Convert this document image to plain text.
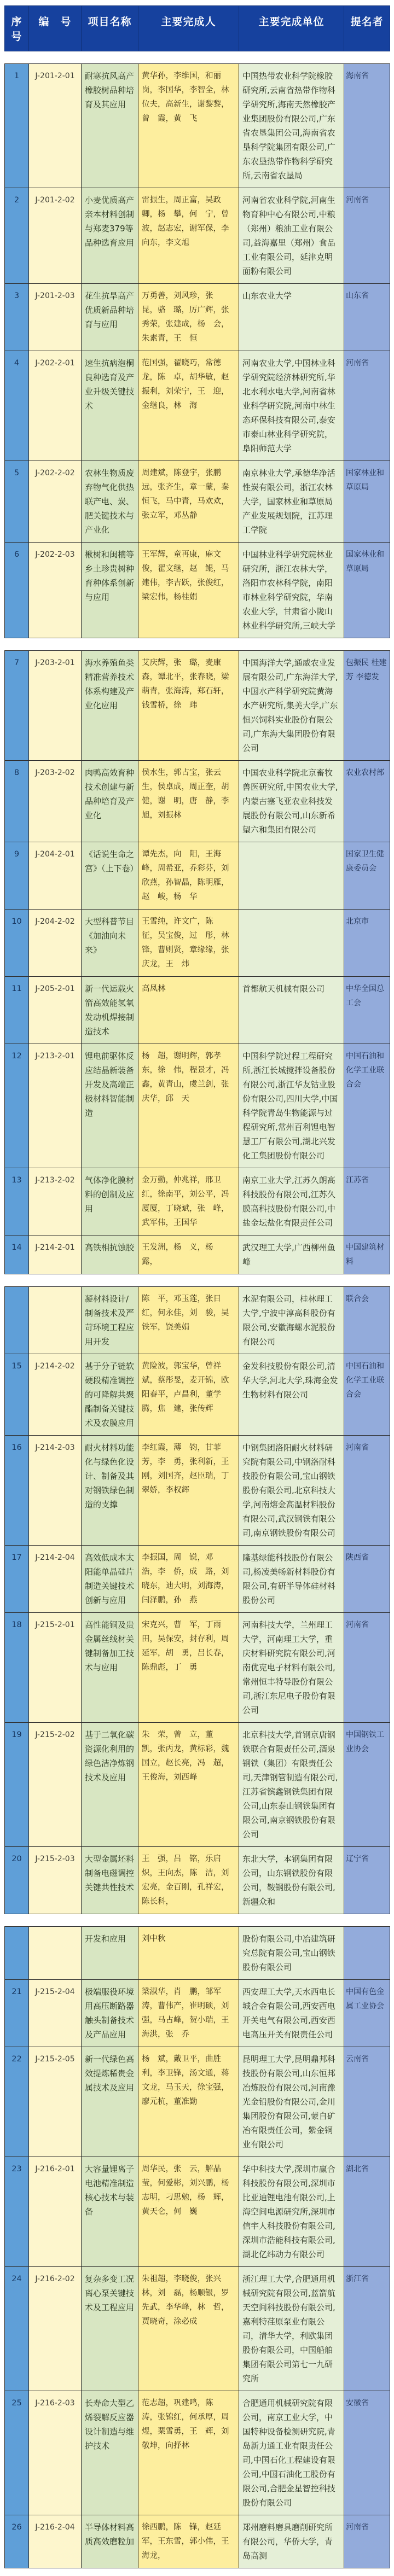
序号	编　号	项目名称	主要完成人	主要完成单位	提名者
1	J-201-2-01	耐寒抗风高产橡胶树品种培育及其应用	黄华孙，李维国，和丽岗，李国华，李智全，林位夫，高新生，谢黎黎，曾　霞，黄　飞	中国热带农业科学院橡胶研究所,云南省热带作物科学研究所,海南天然橡胶产业集团股份有限公司,广东省农垦集团公司,海南省农垦科学院集团有限公司,广东农垦热带作物科学研究所,云南省农垦局	海南省
2	J-201-2-02	小麦优质高产亲本材料创制与郑麦379等品种选育应用	雷振生，周正富，吴政卿，杨　攀，何　宁，曾　波，赵志宏，谢军保，李向东，李文旭	河南省农业科学院,河南生物育种中心有限公司,中粮（郑州）粮油工业有限公司,益海嘉里（郑州）食品工业有限公司，延津克明面粉有限公司	河南省
3	J-201-2-03	花生抗旱高产优质新品种培育与应用	万勇善，刘风珍，张　昆，骆　璐，厉广辉，张秀荣，张建成，杨　会，朱素青，王　恒	山东农业大学	山东省
4	J-202-2-01	速生抗病泡桐良种选育及产业升级关键技术	范国强，翟晓巧，常德龙，陈　卓，胡华敏，赵振利，刘荣宁，王　迎，金继良，林　海	河南农业大学,中国林业科学研究院经济林研究所,华北水利水电大学,河南省林业科学研究院,河南中林生态环保科技有限公司,泰安市泰山林业科学研究院，阜阳师范大学	河南省
5	J-202-2-02	农林生物质废弃物气化供热联产电、炭、肥关键技术与产业化	周建斌，陈登宇，张鹏远，张齐生，章一蒙，秦恒飞，马中青，马欢欢，张立军，邓丛静	南京林业大学,承德华净活性炭有限公司，浙江农林大学，国家林业和草原局产业发展规划院，江苏理工学院	国家林业和草原局
6	J-202-2-03	楸树和闽楠等乡土珍贵树种育种体系创新与应用	王军辉，童再康，麻文俊，翟文继，赵　鲲，马建伟，李吉跃，张俊红，梁宏伟，杨桂娟	中国林业科学研究院林业研究所，浙江农林大学，洛阳市农林科学院，南阳市林业科学研究院，华南农业大学，甘肃省小陇山林业科学研究所,三峡大学	国家林业和草原局
7	J-203-2-01	海水养殖鱼类精准营养技术体系构建及产业化应用	艾庆辉，张　璐，麦康森，谭北平，张春晓，梁萌青，张海涛，郑石轩，钱雪桥，徐　玮	中国海洋大学,通威农业发展有限公司,广东海洋大学,中国水产科学研究院黄海水产研究所,集美大学,广东恒兴饲料实业股份有限公司,广东海大集团股份有限公司	包振民 桂建芳 李德发
8	J-203-2-02	肉鸭高效育种技术创建与新品种培育及产业化	侯水生，郭占宝，张云生，侯卓成，周正奎，胡　健，谢　明，唐　静，李　旭，刘振林	中国农业科学院北京畜牧兽医研究所,中国农业大学,内蒙古塞飞亚农业科技发展股份有限公司,山东新希望六和集团有限公司	农业农村部
9	J-204-2-01	《话说生命之宫》（上下卷）	谭先杰，向　阳，王海峰，周希亚，乔彩芬，刘欣燕，孙智晶，陈明雁，赵　峻，杨　华		国家卫生健康委员会
10	J-204-2-02	大型科普节目《加油向未来》	王雪纯，许文广，陈　征，吴宝俊，过　彤，林　锋，曹则贤，章缘缘，张庆龙，王　炜		北京市
11	J-205-2-01	新一代运载火箭高效能氢氧发动机焊接制造技术	高凤林	首都航天机械有限公司	中华全国总工会
12	J-213-2-01	锂电前驱体反应结晶新装备开发及高端正极材料智能制造	杨　超，谢明辉，郭孝东，徐　伟，程景才，冯　鑫，黄青山，虞兰剑，张庆华，邱　天	中国科学院过程工程研究所,浙江长城搅拌设备股份有限公司,浙江华友钴业股份有限公司,四川大学,中国科学院青岛生物能源与过程研究所,常州百利锂电智慧工厂有限公司,湖北兴发化工集团股份有限公司	中国石油和化学工业联合会
13	J-213-2-02	气体净化膜材料的创制及应用	金万勤，仲兆祥，邢卫红，徐南平，刘公平，冯厦厦，丁晓斌，张　峰，武军伟，王国华	南京工业大学,江苏久朗高科技股份有限公司,江苏久膜高科技股份有限公司,中盐金坛盐化有限责任公司	江苏省
14	J-214-2-01	高铁相抗蚀胶	王发洲，杨　义，杨　露，	武汉理工大学,广西柳州鱼峰	中国建筑材料
		凝材料设计/制备技术及严苛环境工程应用开发	陈　平，邓玉莲，张日红，何永佳，刘　骏，吴铁军，饶美娟	水泥有限公司，桂林理工大学,宁波中淳高科股份有限公司,安徽海螺水泥股份有限公司	联合会
15	J-214-2-02	基于分子链软硬段精准调控的可降解共聚酯制备关键技术及农膜应用	黄险波，郭宝华，曾祥斌，蔡彤旻，麦开锦，欧阳春平，卢昌利，董学腾，焦　建，张传辉	金发科技股份有限公司,清华大学,河北大学,珠海金发生物材料有限公司	中国石油和化学工业联合会
16	J-214-2-03	耐火材料功能化与绿色化设计、制备及其对钢铁绿色制造的支撑	李红霞，薄　钧，甘菲芳，李　勇，张利新，王　刚，刘国齐，赵臣瑞，丁翠娇，李权辉	中钢集团洛阳耐火材料研究院有限公司,中钢洛耐科技股份有限公司,宝山钢铁股份有限公司,北京科技大学,河南熔金高温材料股份有限公司,武汉钢铁有限公司,南京钢铁股份有限公司	河南省
17	J-214-2-04	高效低成本太阳能单晶硅片制造关键技术创新与应用	李振国，周　锐，邓　浩，李　侨，成　路，刘晓东，迪大明，刘海涛，闫泽鹏，孙　燕	隆基绿能科技股份有限公司,杨凌美畅新材料股份有限公司,有研半导体硅材料股份公司	陕西省
18	J-215-2-01	高性能铜及贵金属丝线材关键制备加工技术与应用	宋克兴，曹　军，丁雨田，吴保安，封存利，周延军，胡　勇，吕长春，陈鼎彪，丁　勇	河南科技大学，兰州理工大学，河南理工大学，重庆材料研究院有限公司,河南优克电子材料有限公司,常州恒丰特导股份有限公司,浙江东尼电子股份有限公司	河南省
19	J-215-2-02	基于二氧化碳资源化利用的绿色洁净炼钢技术及应用	朱　荣，曾　立，董　凯，张丙龙，黄标彩，魏国立，赵长亮，冯　超，王俊海，刘西峰	北京科技大学,首钢京唐钢铁联合有限责任公司,酒泉钢铁（集团）有限责任公司,天津钢管制造有限公司,江苏省镔鑫钢铁集团有限公司,山东泰山钢铁集团有限公司,南京钢铁股份有限公司	中国钢铁工业协会
20	J-215-2-03	大型金属坯料制备电磁调控关键共性技术	王　强，吕　铭，乐启炽，王向杰，陈　洁，刘宏亮，金百刚，孔祥宏，陈长科，	东北大学，本钢集团有限公司，山东钢铁股份有限公司，鞍钢股份有限公司,新疆众和	辽宁省
		开发和应用	刘中秋	股份有限公司,中冶建筑研究总院有限公司,宝山钢铁股份有限公司	
21	J-215-2-04	极端服役环境用高压断路器触头制备技术及产品应用	梁淑华，肖　鹏，邹军涛，曹伟产，崔明硕，刘　强，马占峰，贺小瑞，王海洪，张　乔	西安理工大学,天水西电长城合金有限公司,西安西电开关电气有限公司,西安西电高压开关有限责任公司	中国有色金属工业协会
22	J-215-2-05	新一代绿色高效提炼稀贵金属技术及应用	杨　斌，戴卫平，曲胜利，李卫锋，汤文通，蒋文龙，马玉天，徐宝强，廖元杭，董准勤	昆明理工大学,昆明鼎邦科技股份有限公司,山东恒邦冶炼股份有限公司,河南豫光金铅股份有限公司,金川集团股份有限公司,蒙自矿冶有限责任公司，紫金铜业有限公司	云南省
23	J-216-2-01	大容量锂离子电池精准制造核心技术与装备	周华民，张　云，解晶莹，何爱彬，刘兴鹏，杨志明，刁思勉，杨　辉，黄天仑，何　巍	华中科技大学,深圳市赢合科技股份有限公司,深圳市比亚迪锂电池有限公司,上海空间电源研究所,深圳市信宇人科技股份有限公司,深圳市浩能科技有限公司,湖北亿纬动力有限公司	湖北省
24	J-216-2-02	复杂多变工况离心泵关键技术及工程应用	朱祖超，李晓俊，张兴林，刘　磊，杨顺银，罗先武，李华峰，林　哲，贾晓奇，涂必成	浙江理工大学,合肥通用机械研究院有限公司,蓝箭航天空间科技股份有限公司,嘉利特荏原泵业有限公司，清华大学，利欧集团股份有限公司，中国船舶集团有限公司第七一九研究所	浙江省
25	J-216-2-03	长寿命大型乙烯裂解反应器设计制造与维护技术	范志超，巩建鸣，陈　涛，张锦红，何承厚，周　煜，栗雪勇，王　辉，刘敬坤，向抒林	合肥通用机械研究院有限公司，南京工业大学，中国特种设备检测研究院,青岛新力通工业有限责任公司,中国石化工程建设有限公司,中国石油化工股份有限公司,合肥金星智控科技股份有限公司	安徽省
26	J-216-2-04	半导体材料高质高效磨粒加	徐西鹏，陈　锋，赵延军，王东雪，郭小伟，王海龙，	郑州磨料磨具磨削研究所有限公司，华侨大学，青岛高测	河南省
